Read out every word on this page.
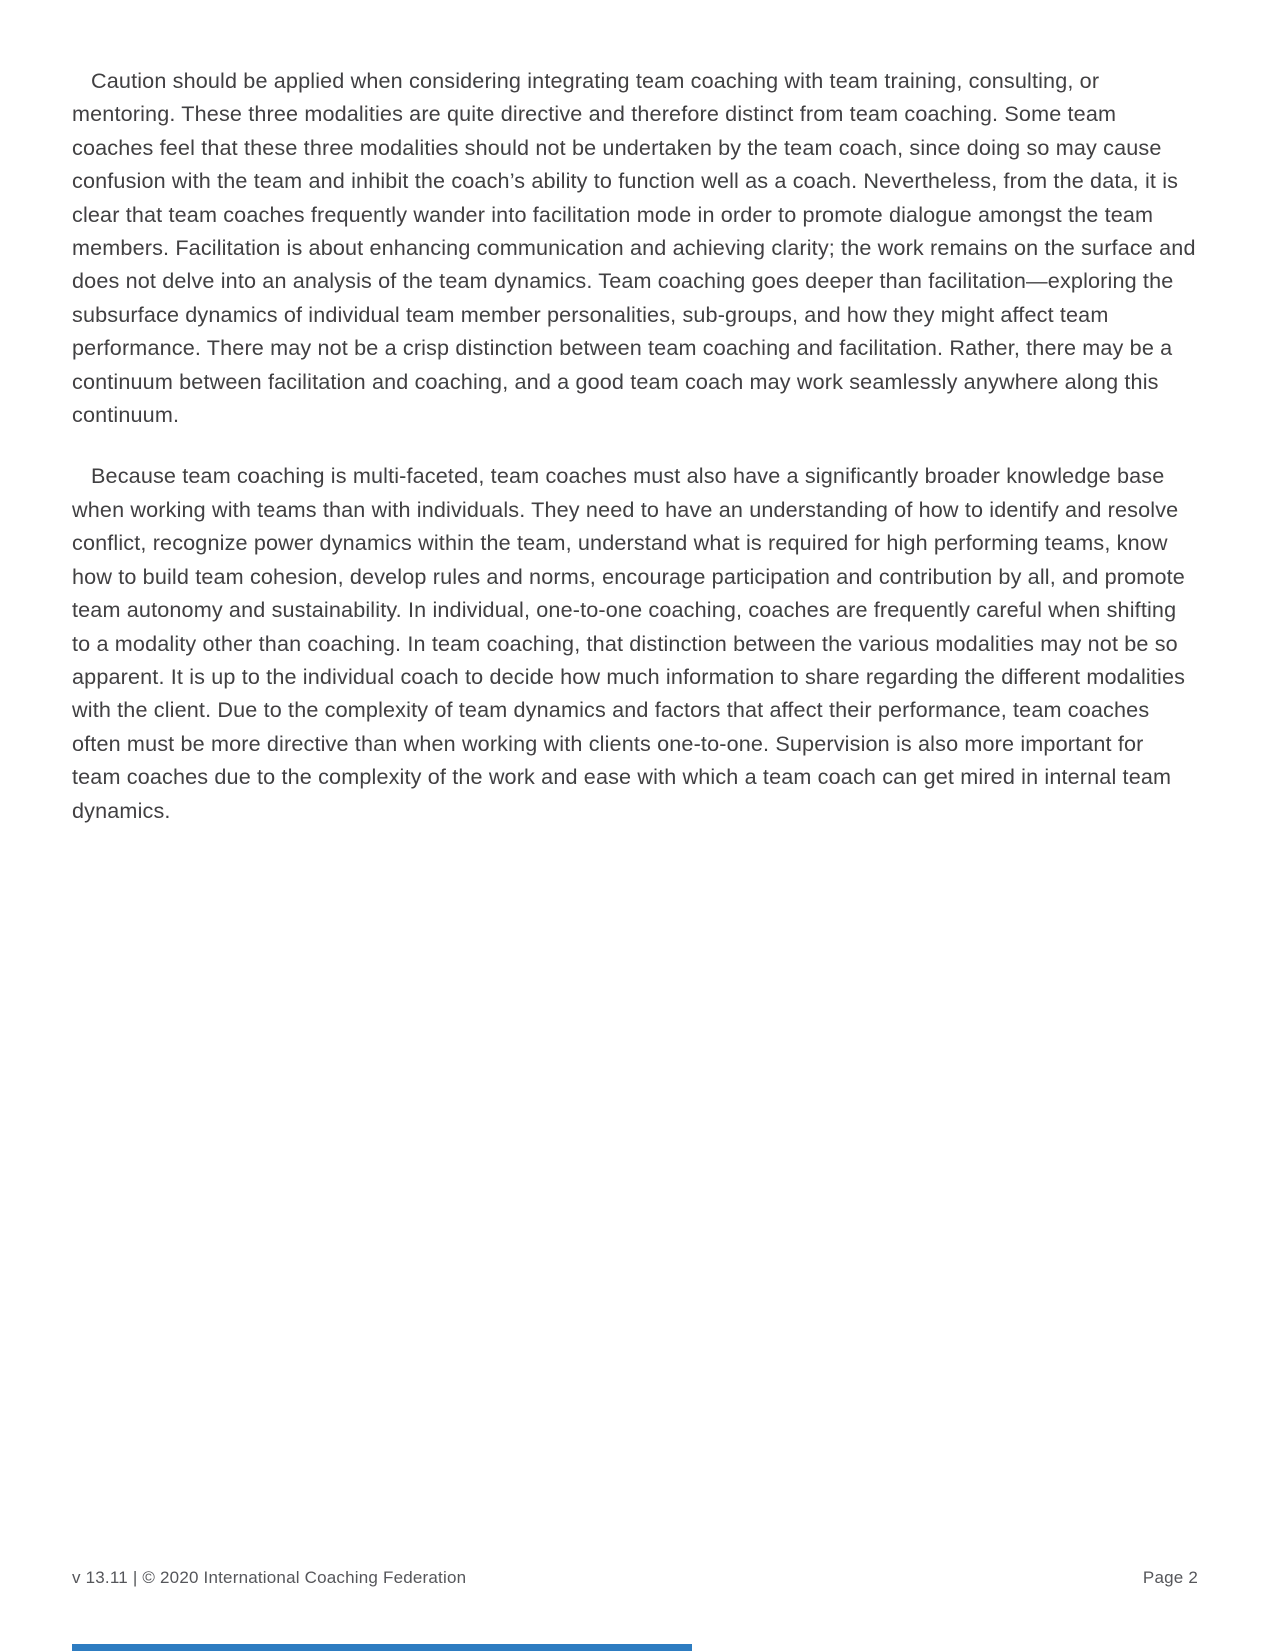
Caution should be applied when considering integrating team coaching with team training, consulting, or mentoring. These three modalities are quite directive and therefore distinct from team coaching. Some team coaches feel that these three modalities should not be undertaken by the team coach, since doing so may cause confusion with the team and inhibit the coach’s ability to function well as a coach. Nevertheless, from the data, it is clear that team coaches frequently wander into facilitation mode in order to promote dialogue amongst the team members. Facilitation is about enhancing communication and achieving clarity; the work remains on the surface and does not delve into an analysis of the team dynamics. Team coaching goes deeper than facilitation—exploring the subsurface dynamics of individual team member personalities, sub-groups, and how they might affect team performance. There may not be a crisp distinction between team coaching and facilitation. Rather, there may be a continuum between facilitation and coaching, and a good team coach may work seamlessly anywhere along this continuum.

Because team coaching is multi-faceted, team coaches must also have a significantly broader knowledge base when working with teams than with individuals. They need to have an understanding of how to identify and resolve conflict, recognize power dynamics within the team, understand what is required for high performing teams, know how to build team cohesion, develop rules and norms, encourage participation and contribution by all, and promote team autonomy and sustainability. In individual, one-to-one coaching, coaches are frequently careful when shifting to a modality other than coaching. In team coaching, that distinction between the various modalities may not be so apparent. It is up to the individual coach to decide how much information to share regarding the different modalities with the client. Due to the complexity of team dynamics and factors that affect their performance, team coaches often must be more directive than when working with clients one-to-one. Supervision is also more important for team coaches due to the complexity of the work and ease with which a team coach can get mired in internal team dynamics.

v 13.11 | © 2020 International Coaching Federation	Page 2
